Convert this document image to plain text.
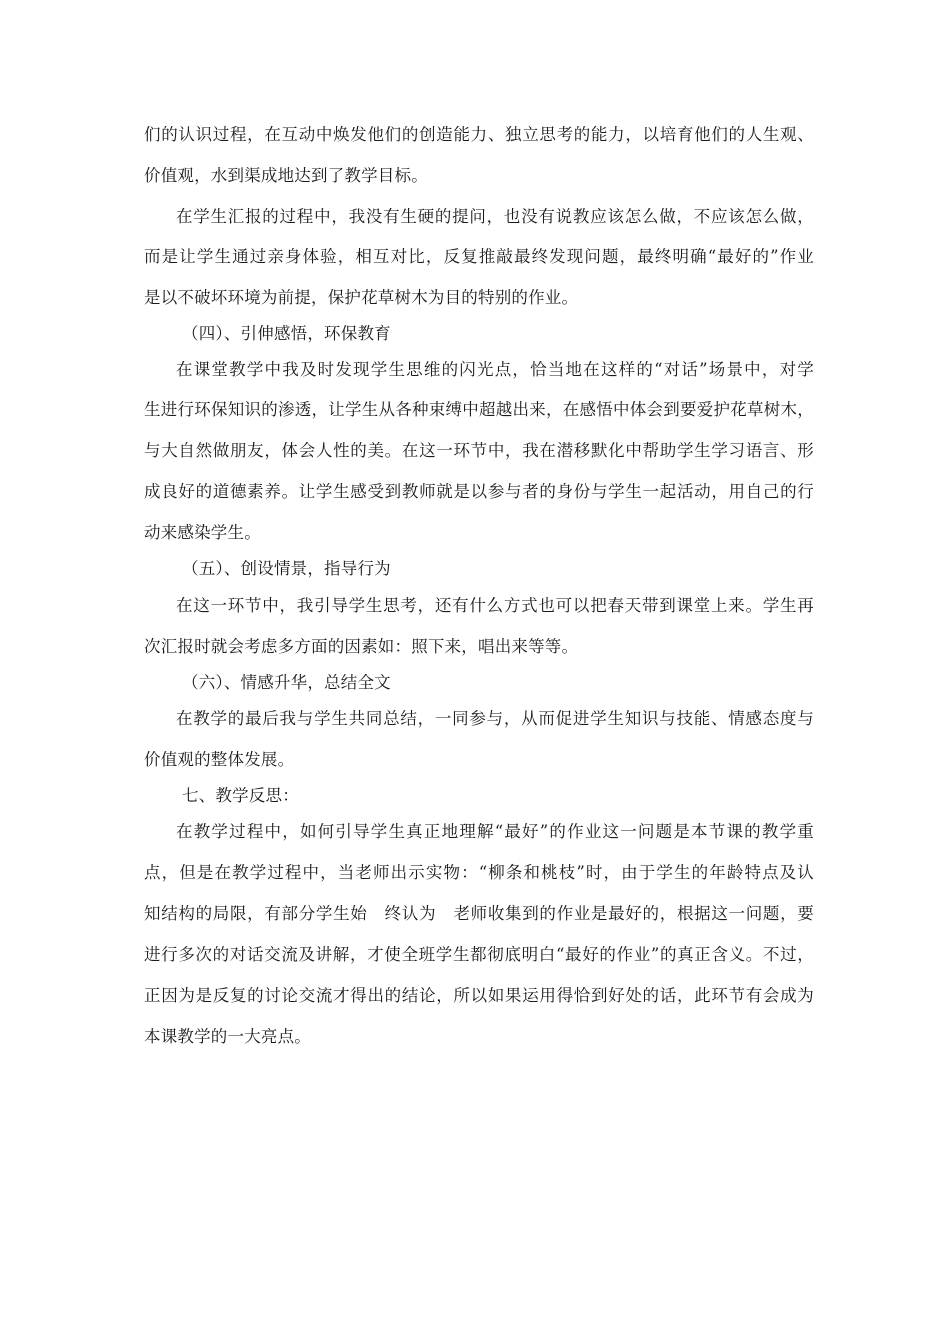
们的认识过程，在互动中焕发他们的创造能力、独立思考的能力，以培育他们的人生观、
价值观，水到渠成地达到了教学目标。
在学生汇报的过程中，我没有生硬的提问，也没有说教应该怎么做，不应该怎么做，
而是让学生通过亲身体验，相互对比，反复推敲最终发现问题，最终明确“最好的”作业
是以不破坏环境为前提，保护花草树木为目的特别的作业。
（四）、引伸感悟，环保教育
在课堂教学中我及时发现学生思维的闪光点，恰当地在这样的“对话”场景中，对学
生进行环保知识的渗透，让学生从各种束缚中超越出来，在感悟中体会到要爱护花草树木，
与大自然做朋友，体会人性的美。在这一环节中，我在潜移默化中帮助学生学习语言、形
成良好的道德素养。让学生感受到教师就是以参与者的身份与学生一起活动，用自己的行
动来感染学生。
（五）、创设情景，指导行为
在这一环节中，我引导学生思考，还有什么方式也可以把春天带到课堂上来。学生再
次汇报时就会考虑多方面的因素如：照下来，唱出来等等。
（六）、情感升华，总结全文
在教学的最后我与学生共同总结，一同参与，从而促进学生知识与技能、情感态度与
价值观的整体发展。
七、教学反思：
在教学过程中，如何引导学生真正地理解“最好”的作业这一问题是本节课的教学重
点，但是在教学过程中，当老师出示实物：“柳条和桃枝”时，由于学生的年龄特点及认
知结构的局限，有部分学生始　终认为　老师收集到的作业是最好的，根据这一问题，要
进行多次的对话交流及讲解，才使全班学生都彻底明白“最好的作业”的真正含义。不过，
正因为是反复的讨论交流才得出的结论，所以如果运用得恰到好处的话，此环节有会成为
本课教学的一大亮点。
